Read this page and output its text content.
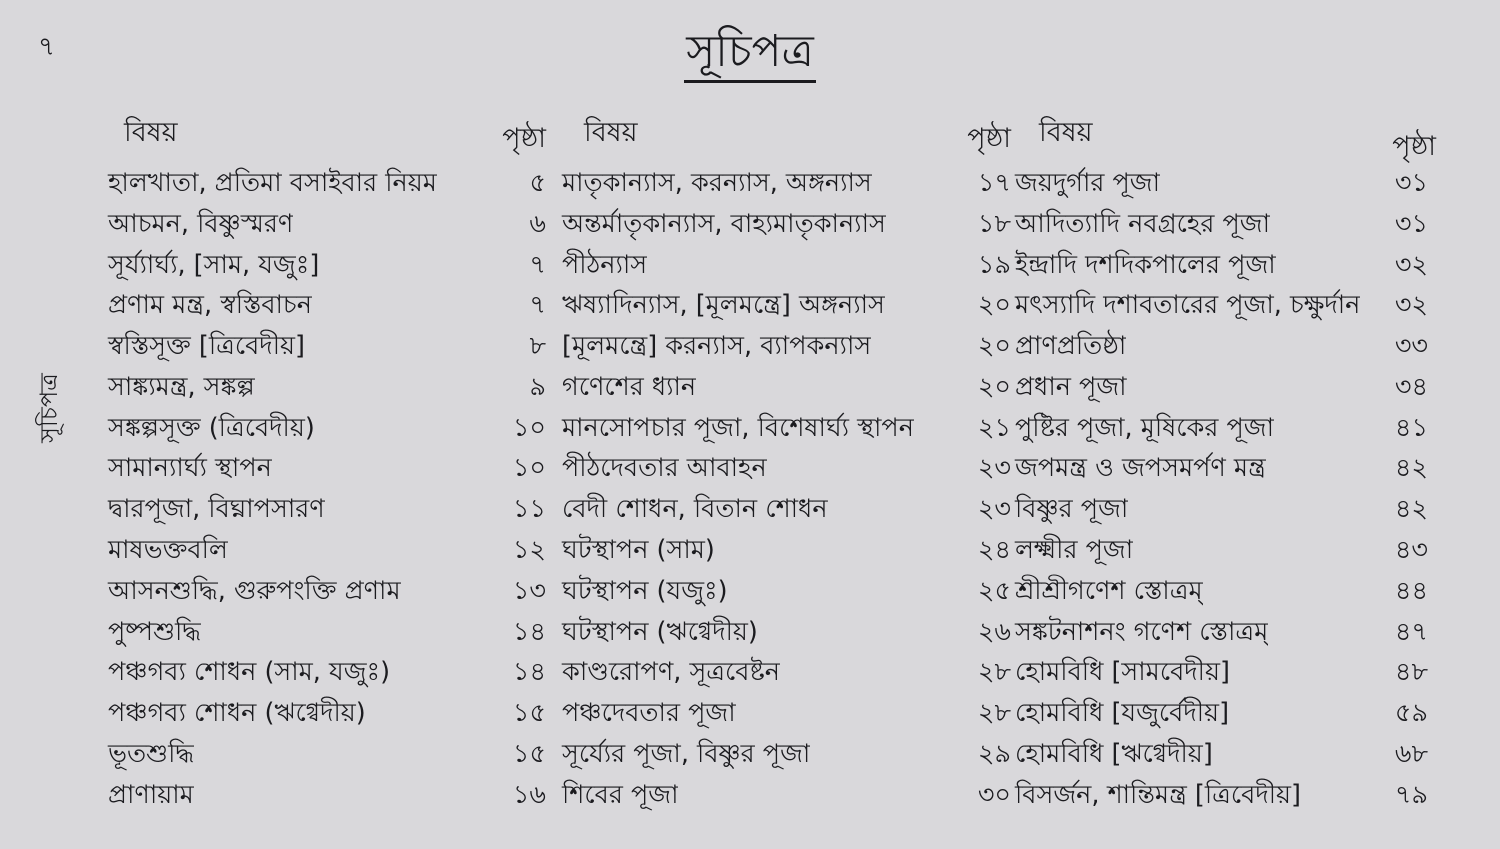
৭
সূচিপত্র
সূচিপত্র
বিষয়	পৃষ্ঠা
হালখাতা, প্রতিমা বসাইবার নিয়ম	৫
আচমন, বিষ্ণুস্মরণ	৬
সূর্য্যার্ঘ্য, [সাম, যজুঃ]	৭
প্রণাম মন্ত্র, স্বস্তিবাচন	৭
স্বস্তিসূক্ত [ত্রিবেদীয়]	৮
সাঙ্ক্যমন্ত্র, সঙ্কল্প	৯
সঙ্কল্পসূক্ত (ত্রিবেদীয়)	১০
সামান্যার্ঘ্য স্থাপন	১০
দ্বারপূজা, বিঘ্নাপসারণ	১১
মাষভক্তবলি	১২
আসনশুদ্ধি, গুরুপংক্তি প্রণাম	১৩
পুষ্পশুদ্ধি	১৪
পঞ্চগব্য শোধন (সাম, যজুঃ)	১৪
পঞ্চগব্য শোধন (ঋগ্বেদীয়)	১৫
ভূতশুদ্ধি	১৫
প্রাণায়াম	১৬
বিষয়	পৃষ্ঠা
মাতৃকান্যাস, করন্যাস, অঙ্গন্যাস	১৭
অন্তর্মাতৃকান্যাস, বাহ্যমাতৃকান্যাস	১৮
পীঠন্যাস	১৯
ঋষ্যাদিন্যাস, [মূলমন্ত্রে] অঙ্গন্যাস	২০
[মূলমন্ত্রে] করন্যাস, ব্যাপকন্যাস	২০
গণেশের ধ্যান	২০
মানসোপচার পূজা, বিশেষার্ঘ্য স্থাপন	২১
পীঠদেবতার আবাহন	২৩
বেদী শোধন, বিতান শোধন	২৩
ঘটস্থাপন (সাম)	২৪
ঘটস্থাপন (যজুঃ)	২৫
ঘটস্থাপন (ঋগ্বেদীয়)	২৬
কাণ্ডরোপণ, সূত্রবেষ্টন	২৮
পঞ্চদেবতার পূজা	২৮
সূর্য্যের পূজা, বিষ্ণুর পূজা	২৯
শিবের পূজা	৩০
বিষয়	পৃষ্ঠা
জয়দুর্গার পূজা	৩১
আদিত্যাদি নবগ্রহের পূজা	৩১
ইন্দ্রাদি দশদিকপালের পূজা	৩২
মৎস্যাদি দশাবতারের পূজা, চক্ষুর্দান	৩২
প্রাণপ্রতিষ্ঠা	৩৩
প্রধান পূজা	৩৪
পুষ্টির পূজা, মূষিকের পূজা	৪১
জপমন্ত্র ও জপসমর্পণ মন্ত্র	৪২
বিষ্ণুর পূজা	৪২
লক্ষ্মীর পূজা	৪৩
শ্রীশ্রীগণেশ স্তোত্রম্	৪৪
সঙ্কটনাশনং গণেশ স্তোত্রম্	৪৭
হোমবিধি [সামবেদীয়]	৪৮
হোমবিধি [যজুর্বেদীয়]	৫৯
হোমবিধি [ঋগ্বেদীয়]	৬৮
বিসর্জন, শান্তিমন্ত্র [ত্রিবেদীয়]	৭৯
